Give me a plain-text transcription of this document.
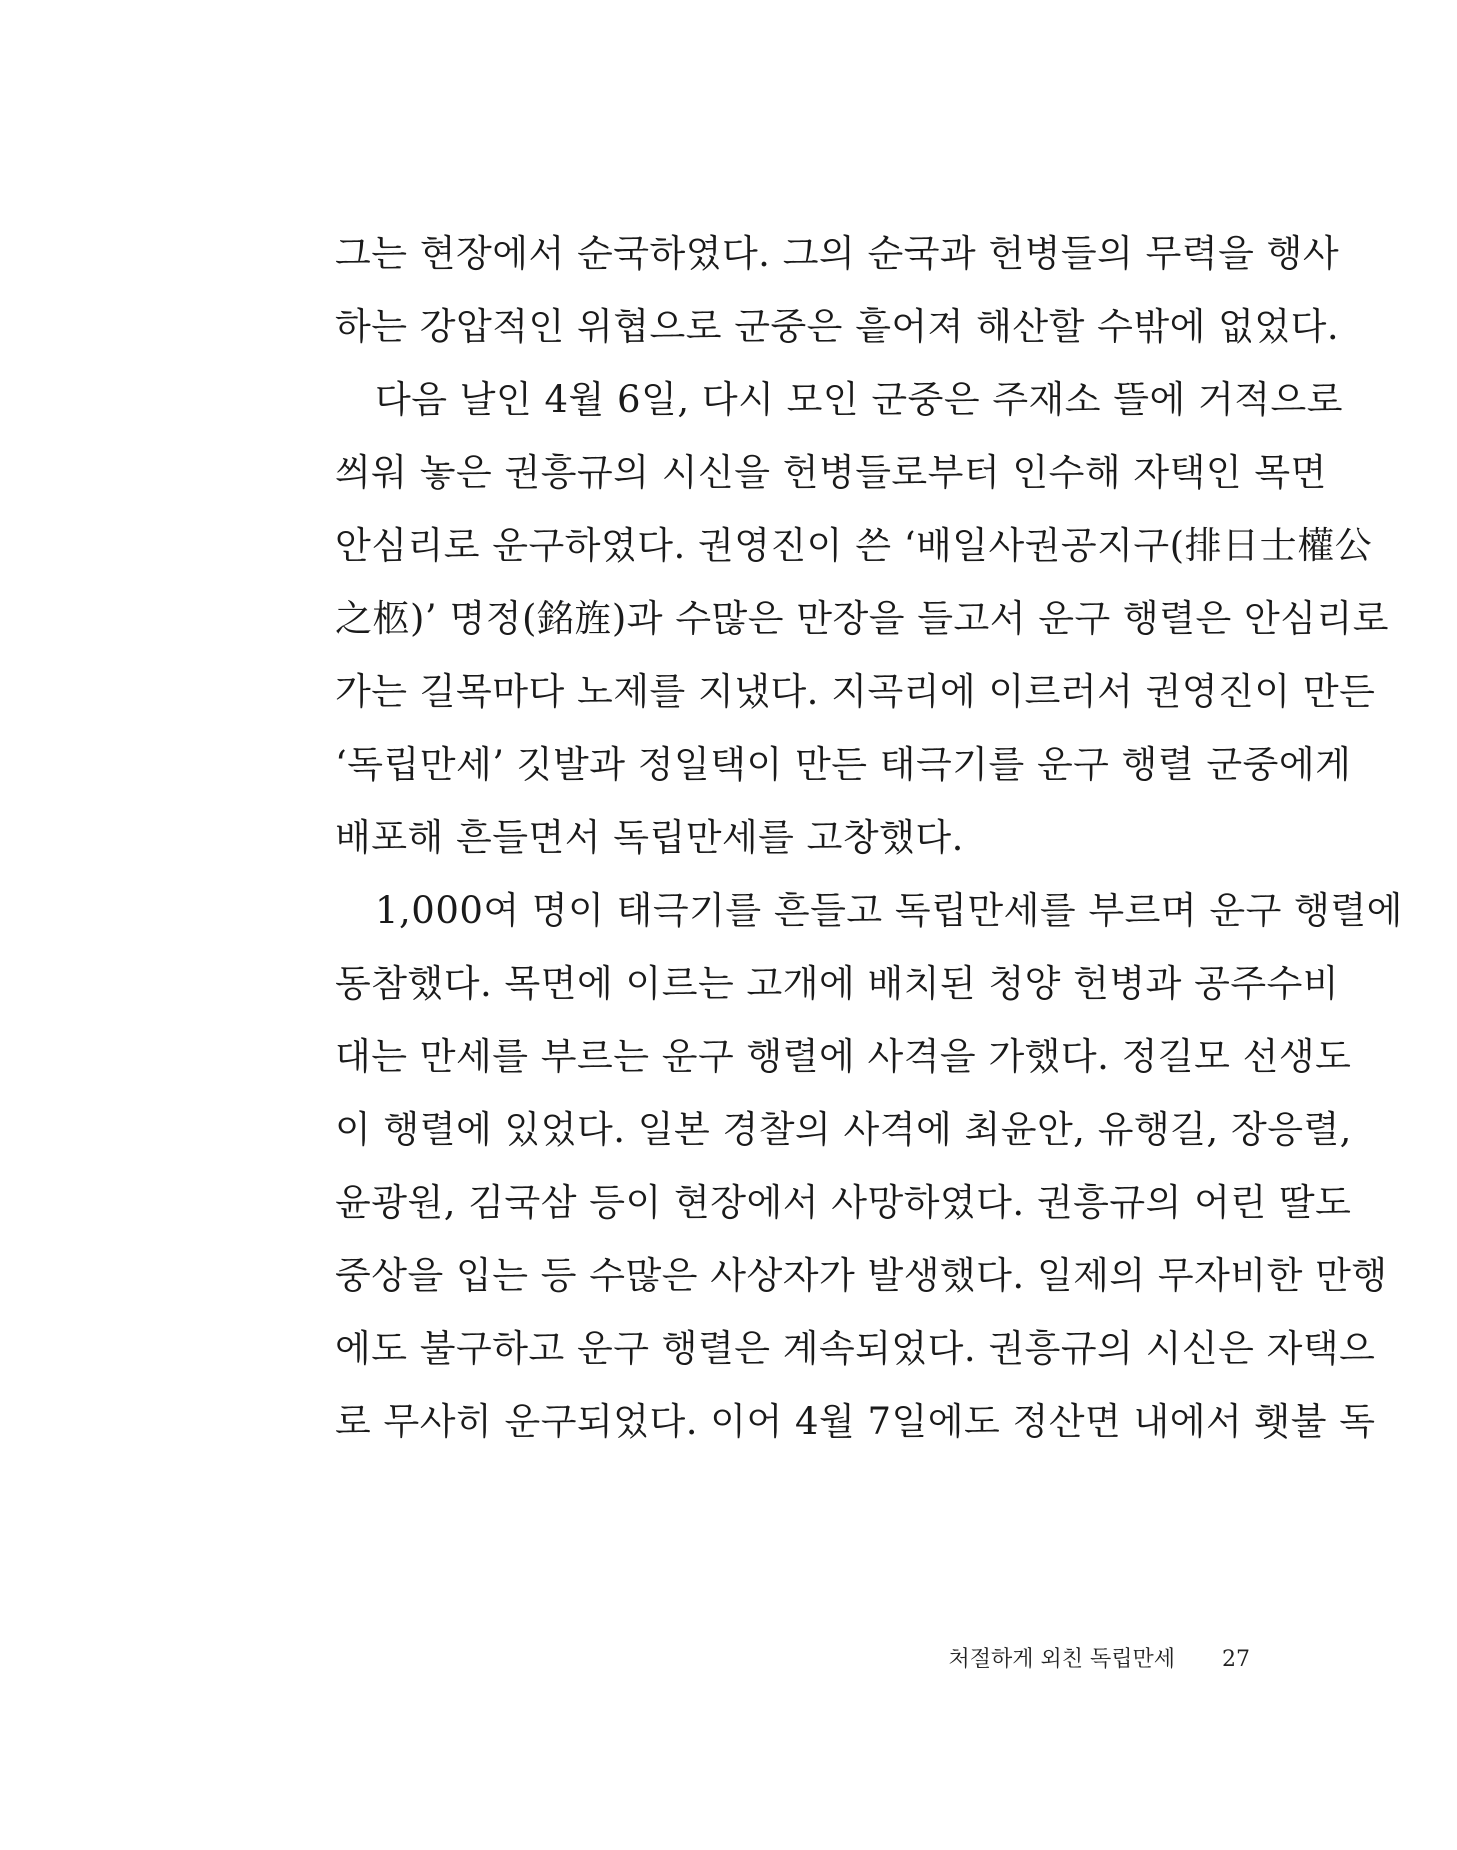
그는 현장에서 순국하였다. 그의 순국과 헌병들의 무력을 행사
하는 강압적인 위협으로 군중은 흩어져 해산할 수밖에 없었다.
다음 날인 4월 6일, 다시 모인 군중은 주재소 뜰에 거적으로
씌워 놓은 권흥규의 시신을 헌병들로부터 인수해 자택인 목면
안심리로 운구하였다. 권영진이 쓴 ‘배일사권공지구(排日士權公
之柩)’ 명정(銘旌)과 수많은 만장을 들고서 운구 행렬은 안심리로
가는 길목마다 노제를 지냈다. 지곡리에 이르러서 권영진이 만든
‘독립만세’ 깃발과 정일택이 만든 태극기를 운구 행렬 군중에게
배포해 흔들면서 독립만세를 고창했다.
1,000여 명이 태극기를 흔들고 독립만세를 부르며 운구 행렬에
동참했다. 목면에 이르는 고개에 배치된 청양 헌병과 공주수비
대는 만세를 부르는 운구 행렬에 사격을 가했다. 정길모 선생도
이 행렬에 있었다. 일본 경찰의 사격에 최윤안, 유행길, 장응렬,
윤광원, 김국삼 등이 현장에서 사망하였다. 권흥규의 어린 딸도
중상을 입는 등 수많은 사상자가 발생했다. 일제의 무자비한 만행
에도 불구하고 운구 행렬은 계속되었다. 권흥규의 시신은 자택으
로 무사히 운구되었다. 이어 4월 7일에도 정산면 내에서 횃불 독
처절하게 외친 독립만세 27
